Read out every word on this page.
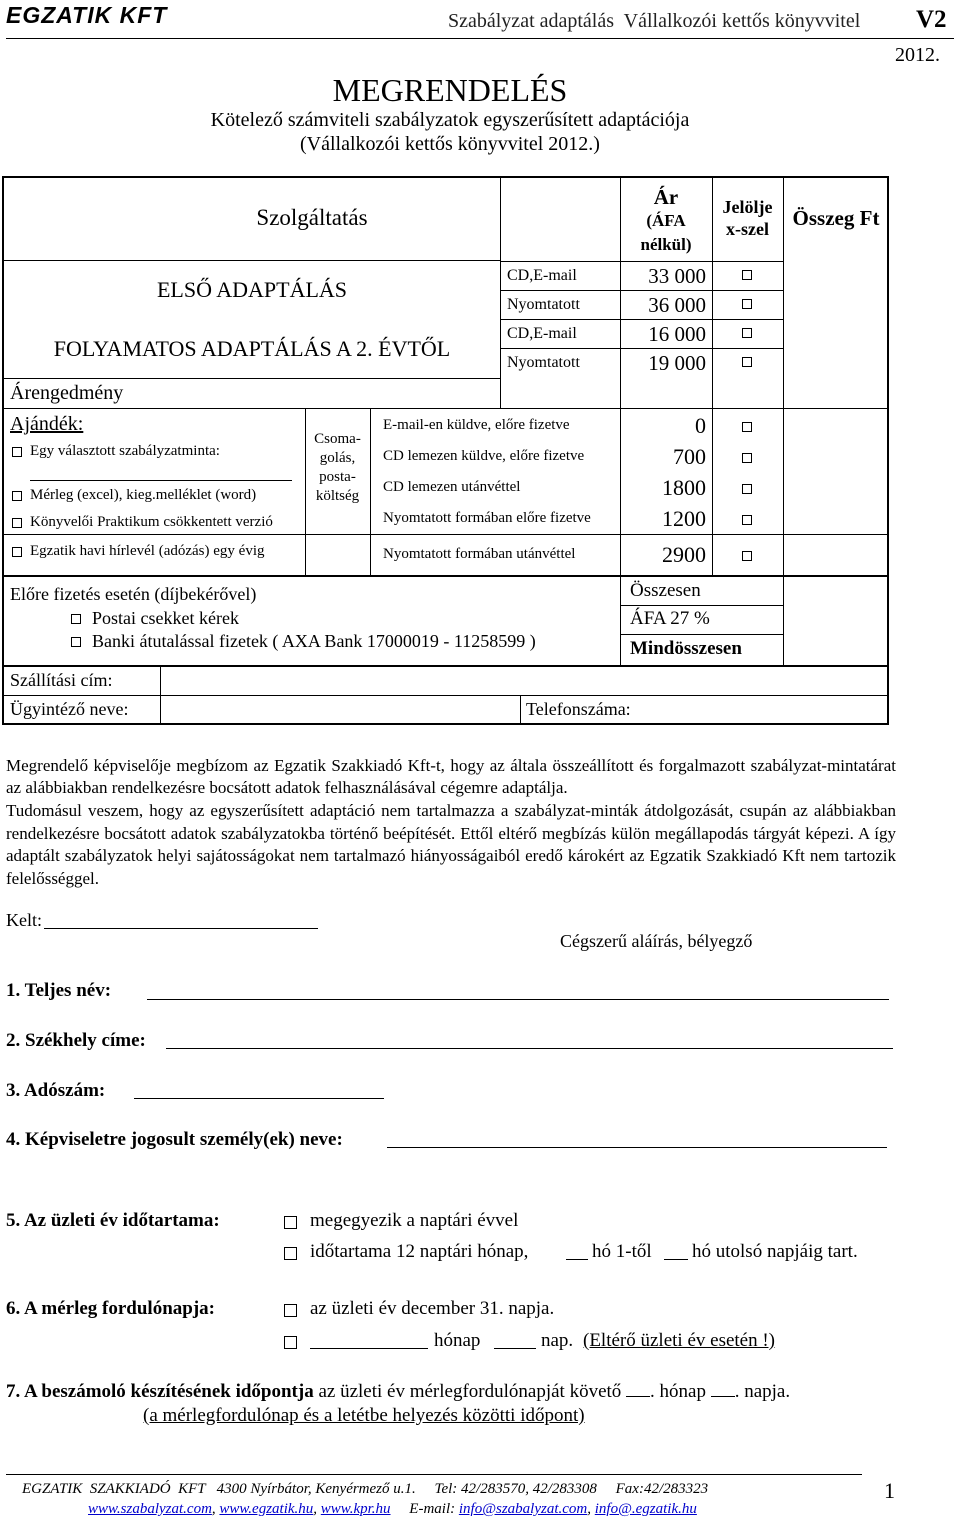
EGZATIK KFT	Szabályzat adaptálás  Vállalkozói kettős könyvvitel V2
2012.
MEGRENDELÉS
Kötelező számviteli szabályzatok egyszerűsített adaptációja
(Vállalkozói kettős könyvvitel 2012.)
Szolgáltatás
Ár
(ÁFA
nélkül)
Jelölje
x-szel	Összeg Ft
ELSŐ ADAPTÁLÁS
FOLYAMATOS ADAPTÁLÁS A 2. ÉVTŐL
CD,E-mail	33 000
Nyomtatott	36 000
CD,E-mail	16 000
Nyomtatott	19 000
Árengedmény
Ajándék:
Egy választott szabályzatminta:
Mérleg (excel), kieg.melléklet (word)
Könyvelői Praktikum csökkentett verzió
Egzatik havi hírlevél (adózás) egy évig
Csoma-
golás,
posta-
költség
E-mail-en küldve, előre fizetve	0
CD lemezen küldve, előre fizetve	700
CD lemezen utánvéttel	1800
Nyomtatott formában előre fizetve	1200
Nyomtatott formában utánvéttel	2900
Előre fizetés esetén (díjbekérővel)
Postai csekket kérek
Banki átutalással fizetek ( AXA Bank 17000019 - 11258599 )
Összesen
ÁFA 27 %
Mindösszesen
Szállítási cím:
Ügyintéző neve:	Telefonszáma:
Megrendelő képviselője megbízom az Egzatik Szakkiadó Kft-t, hogy az általa összeállított és forgalmazott szabályzat-mintatárat az alábbiakban rendelkezésre bocsátott adatok felhasználásával cégemre adaptálja.
Tudomásul veszem, hogy az egyszerűsített adaptáció nem tartalmazza a szabályzat-minták átdolgozását, csupán az alábbiakban rendelkezésre bocsátott adatok szabályzatokba történő beépítését. Ettől eltérő megbízás külön megállapodás tárgyát képezi. A így adaptált szabályzatok helyi sajátosságokat nem tartalmazó hiányosságaiból eredő károkért az Egzatik Szakkiadó Kft nem tartozik felelősséggel.
Kelt:
Cégszerű aláírás, bélyegző
1. Teljes név:
2. Székhely címe:
3. Adószám:
4. Képviseletre jogosult személy(ek) neve:
5. Az üzleti év időtartama:	megegyezik a naptári évvel
időtartama 12 naptári hónap,	hó 1-től hó utolsó napjáig tart.
6. A mérleg fordulónapja:	az üzleti év december 31. napja.
hónap	nap. (Eltérő üzleti év esetén !)
7. A beszámoló készítésének időpontja az üzleti év mérlegfordulónapját követő . hónap . napja.
(a mérlegfordulónap és a letétbe helyezés közötti időpont)
EGZATIK  SZAKKIADÓ  KFT   4300 Nyírbátor, Kenyérmező u.1.     Tel: 42/283570, 42/283308     Fax:42/283323
www.szabalyzat.com, www.egzatik.hu, www.kpr.hu E-mail: info@szabalyzat.com, info@.egzatik.hu
1
